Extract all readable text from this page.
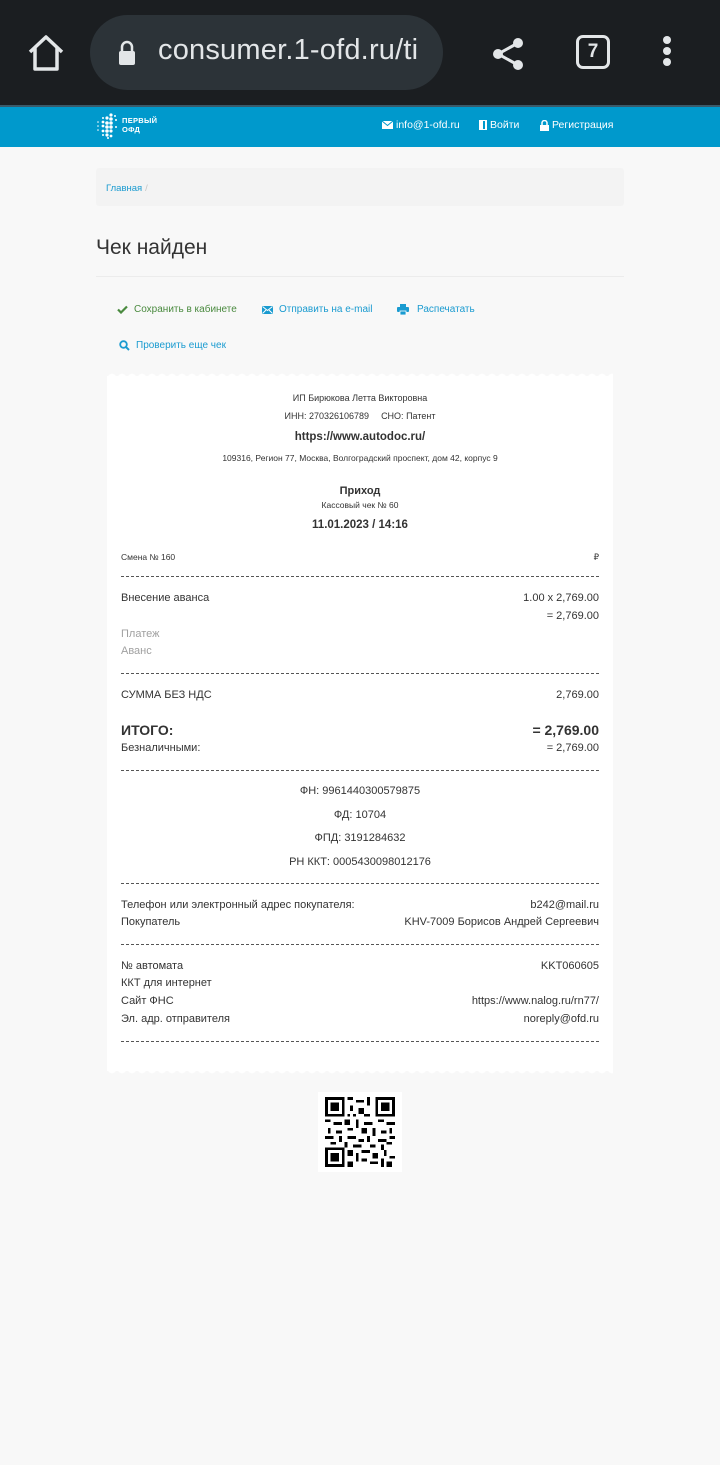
consumer.1-ofd.ru/ti	7
ПЕРВЫЙ
ОФД	info@1-ofd.ru	Войти	Регистрация
Главная /
Чек найден
Сохранить в кабинете	Отправить на e-mail	Распечатать
Проверить еще чек
ИП Бирюкова Летта Викторовна
ИНН: 270326106789 СНО: Патент
https://www.autodoc.ru/
109316, Регион 77, Москва, Волгоградский проспект, дом 42, корпус 9
Приход
Кассовый чек № 60
11.01.2023 / 14:16
Смена № 160	₽
Внесение аванса	1.00 x 2,769.00
= 2,769.00
Платеж
Аванс
СУММА БЕЗ НДС	2,769.00
ИТОГО:	= 2,769.00
Безналичными:	= 2,769.00
ФН: 9961440300579875
ФД: 10704
ФПД: 3191284632
РН ККТ: 0005430098012176
Телефон или электронный адрес покупателя:	b242@mail.ru
Покупатель	KHV-7009 Борисов Андрей Сергеевич
№ автомата	KKT060605
ККТ для интернет
Сайт ФНС	https://www.nalog.ru/rn77/
Эл. адр. отправителя	noreply@ofd.ru
